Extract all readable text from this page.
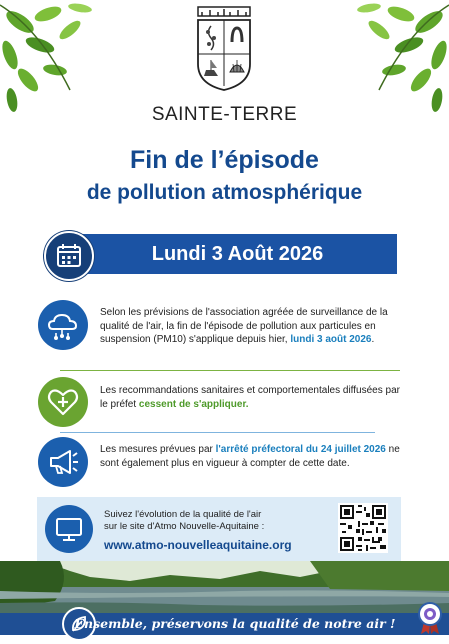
SAINTE-TERRE
Fin de l’épisode
de pollution atmosphérique
Lundi 3 Août 2026
Selon les prévisions de l'association agréée de surveillance de la qualité de l'air, la fin de l'épisode de pollution aux particules en suspension (PM10) s'applique depuis hier, lundi 3 août 2026.
Les recommandations sanitaires et comportementales diffusées par le préfet cessent de s'appliquer.
Les mesures prévues par l'arrêté préfectoral du 24 juillet 2026 ne sont également plus en vigueur à compter de cette date.
Suivez l'évolution de la qualité de l'air
sur le site d'Atmo Nouvelle-Aquitaine :
www.atmo-nouvelleaquitaine.org
Ensemble, préservons la qualité de notre air !
